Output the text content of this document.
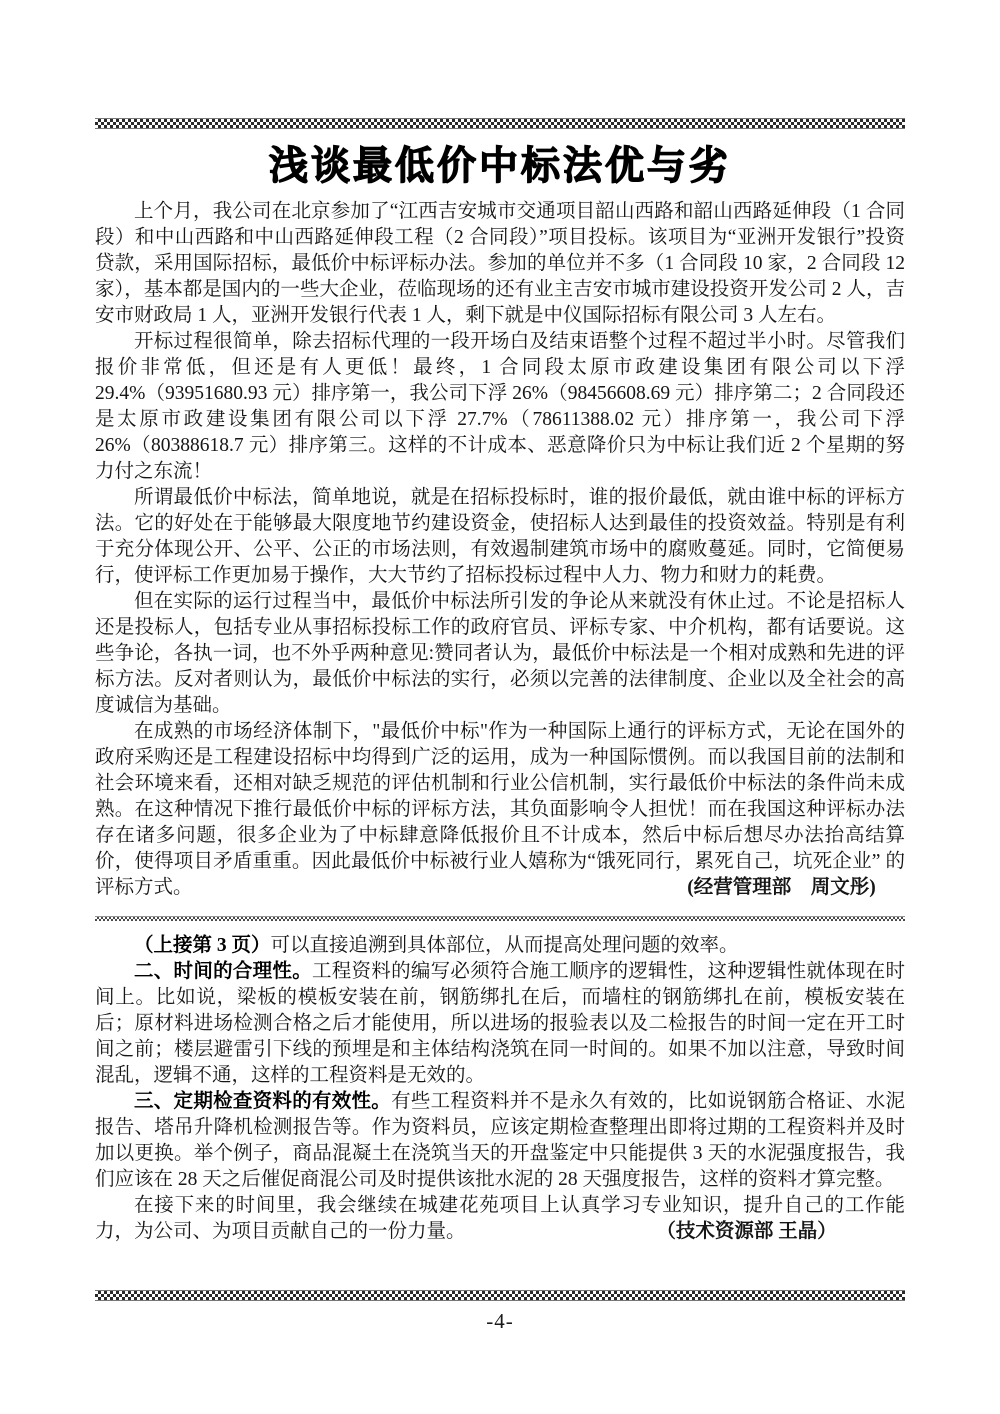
浅谈最低价中标法优与劣

上个月，我公司在北京参加了“江西吉安城市交通项目韶山西路和韶山西路延伸段（1 合同段）和中山西路和中山西路延伸段工程（2 合同段）”项目投标。该项目为“亚洲开发银行”投资贷款，采用国际招标，最低价中标评标办法。参加的单位并不多（1 合同段 10 家，2 合同段 12 家），基本都是国内的一些大企业，莅临现场的还有业主吉安市城市建设投资开发公司 2 人，吉安市财政局 1 人，亚洲开发银行代表 1 人，剩下就是中仪国际招标有限公司 3 人左右。

开标过程很简单，除去招标代理的一段开场白及结束语整个过程不超过半小时。尽管我们报价非常低，但还是有人更低！最终，1 合同段太原市政建设集团有限公司以下浮 29.4%（93951680.93 元）排序第一，我公司下浮 26%（98456608.69 元）排序第二；2 合同段还是太原市政建设集团有限公司以下浮 27.7%（78611388.02 元）排序第一，我公司下浮 26%（80388618.7 元）排序第三。这样的不计成本、恶意降价只为中标让我们近 2 个星期的努力付之东流！

所谓最低价中标法，简单地说，就是在招标投标时，谁的报价最低，就由谁中标的评标方法。它的好处在于能够最大限度地节约建设资金，使招标人达到最佳的投资效益。特别是有利于充分体现公开、公平、公正的市场法则，有效遏制建筑市场中的腐败蔓延。同时，它简便易行，使评标工作更加易于操作，大大节约了招标投标过程中人力、物力和财力的耗费。

但在实际的运行过程当中，最低价中标法所引发的争论从来就没有休止过。不论是招标人还是投标人，包括专业从事招标投标工作的政府官员、评标专家、中介机构，都有话要说。这些争论，各执一词，也不外乎两种意见:赞同者认为，最低价中标法是一个相对成熟和先进的评标方法。反对者则认为，最低价中标法的实行，必须以完善的法律制度、企业以及全社会的高度诚信为基础。

在成熟的市场经济体制下，"最低价中标"作为一种国际上通行的评标方式，无论在国外的政府采购还是工程建设招标中均得到广泛的运用，成为一种国际惯例。而以我国目前的法制和社会环境来看，还相对缺乏规范的评估机制和行业公信机制，实行最低价中标法的条件尚未成熟。在这种情况下推行最低价中标的评标方法，其负面影响令人担忧！而在我国这种评标办法存在诸多问题，很多企业为了中标肆意降低报价且不计成本，然后中标后想尽办法抬高结算价，使得项目矛盾重重。因此最低价中标被行业人嬉称为“饿死同行，累死自己，坑死企业” 的评标方式。	(经营管理部　周文彤)

（上接第 3 页）可以直接追溯到具体部位，从而提高处理问题的效率。

二、时间的合理性。工程资料的编写必须符合施工顺序的逻辑性，这种逻辑性就体现在时间上。比如说，梁板的模板安装在前，钢筋绑扎在后，而墙柱的钢筋绑扎在前，模板安装在后；原材料进场检测合格之后才能使用，所以进场的报验表以及二检报告的时间一定在开工时间之前；楼层避雷引下线的预埋是和主体结构浇筑在同一时间的。如果不加以注意，导致时间混乱，逻辑不通，这样的工程资料是无效的。

三、定期检查资料的有效性。有些工程资料并不是永久有效的，比如说钢筋合格证、水泥报告、塔吊升降机检测报告等。作为资料员，应该定期检查整理出即将过期的工程资料并及时加以更换。举个例子，商品混凝土在浇筑当天的开盘鉴定中只能提供 3 天的水泥强度报告，我们应该在 28 天之后催促商混公司及时提供该批水泥的 28 天强度报告，这样的资料才算完整。

在接下来的时间里，我会继续在城建花苑项目上认真学习专业知识，提升自己的工作能力，为公司、为项目贡献自己的一份力量。	（技术资源部 王晶）

-4-
